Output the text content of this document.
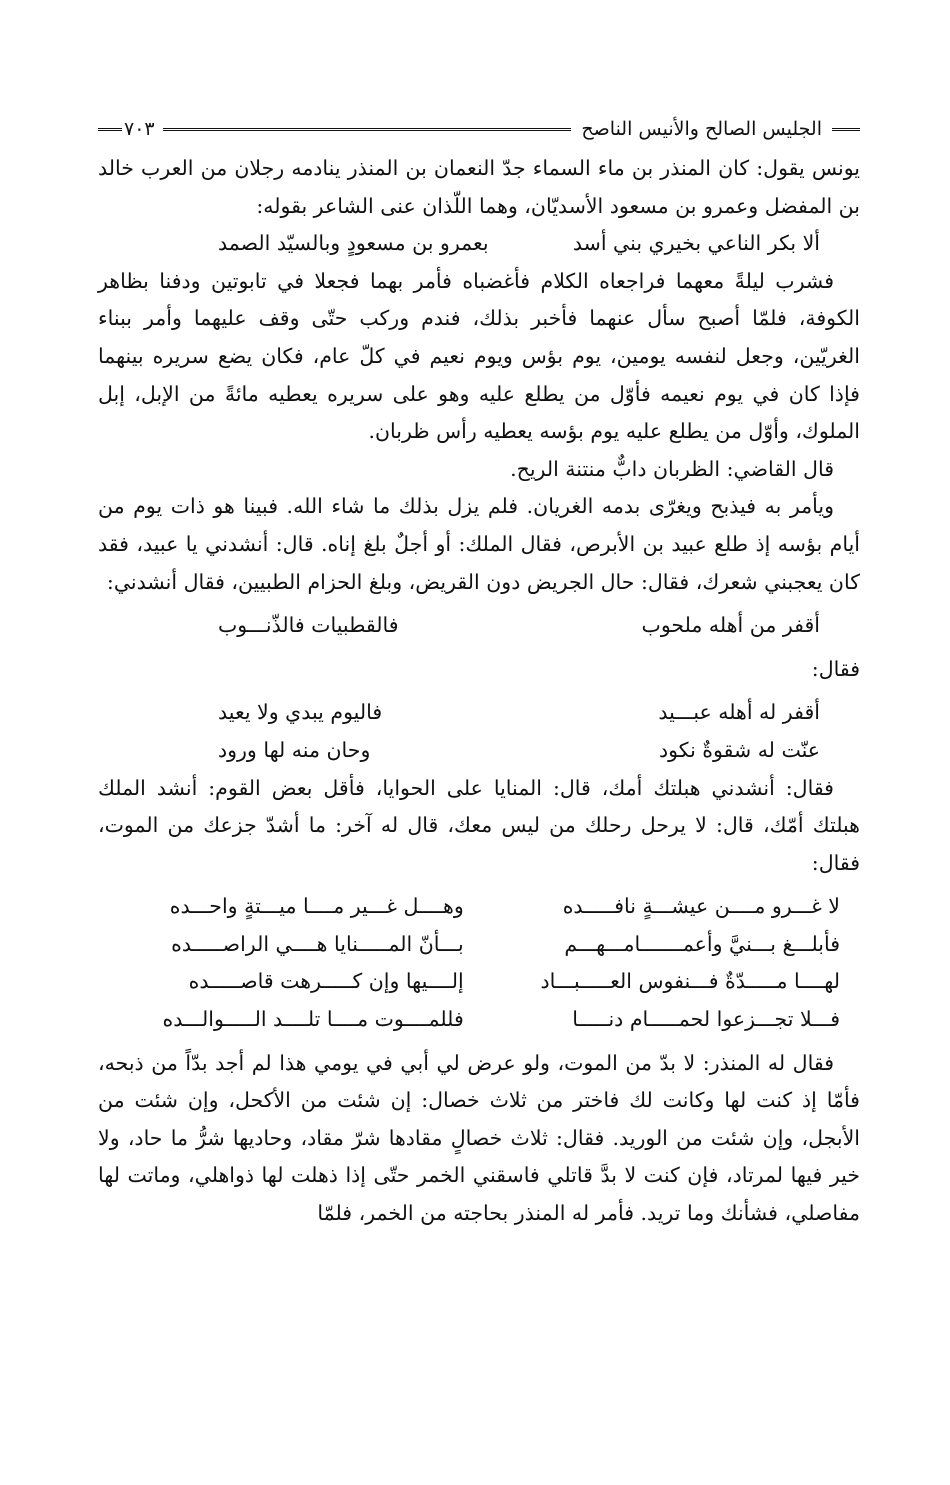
الجليس الصالح والأنيس الناصح
٧٠٣

يونس يقول: كان المنذر بن ماء السماء جدّ النعمان بن المنذر ينادمه رجلان من العرب خالد بن المفضل وعمرو بن مسعود الأسديّان، وهما اللّذان عنى الشاعر بقوله:

ألا بكر الناعي بخيري بني أسد
بعمرو بن مسعودٍ وبالسيّد الصمد

فشرب ليلةً معهما فراجعاه الكلام فأغضباه فأمر بهما فجعلا في تابوتين ودفنا بظاهر الكوفة، فلمّا أصبح سأل عنهما فأخبر بذلك، فندم وركب حتّى وقف عليهما وأمر ببناء الغريّين، وجعل لنفسه يومين، يوم بؤس ويوم نعيم في كلّ عام، فكان يضع سريره بينهما فإذا كان في يوم نعيمه فأوّل من يطلع عليه وهو على سريره يعطيه مائةً من الإبل، إبل الملوك، وأوّل من يطلع عليه يوم بؤسه يعطيه رأس ظربان.

قال القاضي: الظربان دابٌّ منتنة الريح.

ويأمر به فيذبح ويغرّى بدمه الغريان. فلم يزل بذلك ما شاء الله. فبينا هو ذات يوم من أيام بؤسه إذ طلع عبيد بن الأبرص، فقال الملك: أو أجلٌ بلغ إناه. قال: أنشدني يا عبيد، فقد كان يعجبني شعرك، فقال: حال الجريض دون القريض، وبلغ الحزام الطبيين، فقال أنشدني:

أقفر من أهله ملحوب
فالقطبيات فالذّنـــوب

فقال:

أقفر له أهله عبـــيد
فاليوم يبدي ولا يعيد
عنّت له شقوةٌ نكود
وحان منه لها ورود

فقال: أنشدني هبلتك أمك، قال: المنايا على الحوايا، فأقل بعض القوم: أنشد الملك هبلتك أمّك، قال: لا يرحل رحلك من ليس معك، قال له آخر: ما أشدّ جزعك من الموت، فقال:

لا غـــرو مــــن عيشـــةٍ نافـــــده
وهــــل غـــير مــــا ميـــتةٍ واحـــده
فأبلـــغ بـــنيَّ وأعمـــــــامـــهـــم
بـــأنّ المـــــنايا هــــي الراصـــــده
لهــــا مـــــدّةٌ فـــنفوس العـــــبـــاد
إلــــيها وإن كـــــرهت قاصـــــده
فـــلا تجـــزعوا لحمـــــام دنـــــا
فللمــــوت مــــا تلــــد الـــــوالـــده

فقال له المنذر: لا بدّ من الموت، ولو عرض لي أبي في يومي هذا لم أجد بدّاً من ذبحه، فأمّا إذ كنت لها وكانت لك فاختر من ثلاث خصال: إن شئت من الأكحل، وإن شئت من الأبجل، وإن شئت من الوريد. فقال: ثلاث خصالٍ مقادها شرّ مقاد، وحاديها شرُّ ما حاد، ولا خير فيها لمرتاد، فإن كنت لا بدَّ قاتلي فاسقني الخمر حتّى إذا ذهلت لها ذواهلي، وماتت لها مفاصلي، فشأنك وما تريد. فأمر له المنذر بحاجته من الخمر، فلمّا
